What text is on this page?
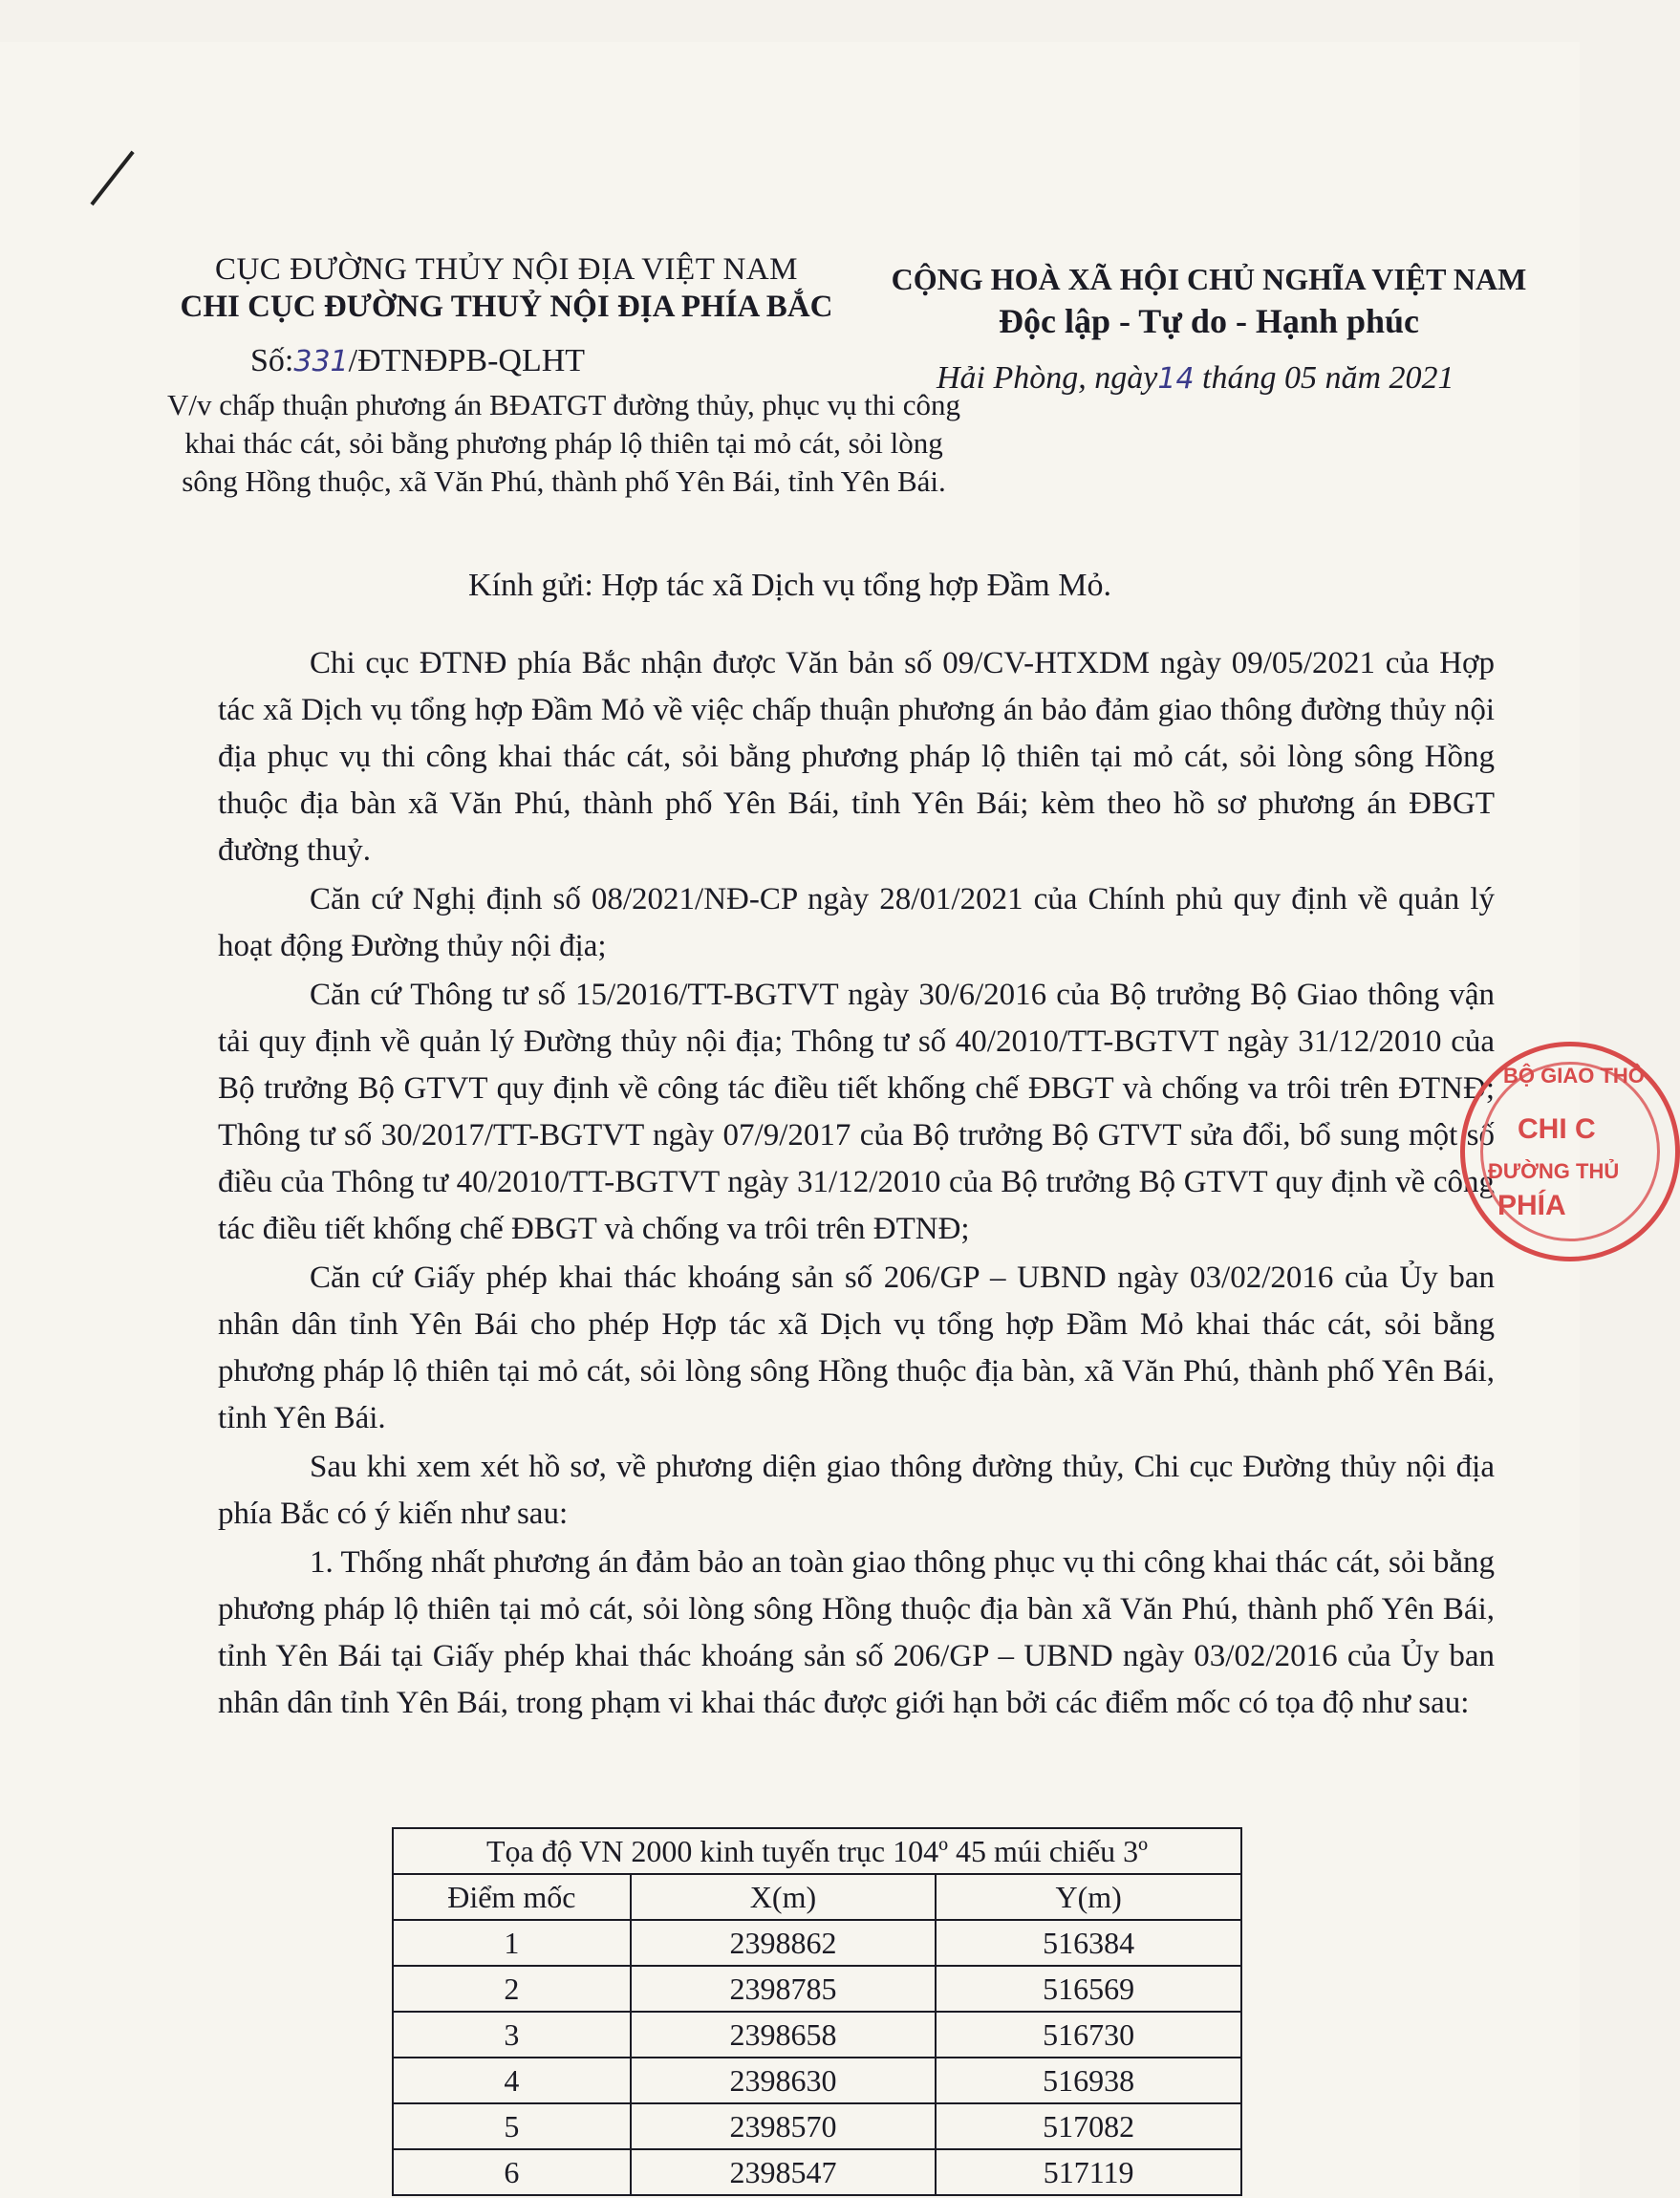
CỤC ĐƯỜNG THỦY NỘI ĐỊA VIỆT NAM
CHI CỤC ĐƯỜNG THUỶ NỘI ĐỊA PHÍA BẮC
CỘNG HOÀ XÃ HỘI CHỦ NGHĨA VIỆT NAM
Độc lập - Tự do - Hạnh phúc
Số:331/ĐTNĐPB-QLHT	Hải Phòng, ngày14 tháng 05 năm 2021
V/v chấp thuận phương án BĐATGT đường thủy, phục vụ thi công khai thác cát, sỏi bằng phương pháp lộ thiên tại mỏ cát, sỏi lòng sông Hồng thuộc, xã Văn Phú, thành phố Yên Bái, tỉnh Yên Bái.
Kính gửi: Hợp tác xã Dịch vụ tổng hợp Đầm Mỏ.

Chi cục ĐTNĐ phía Bắc nhận được Văn bản số 09/CV-HTXDM ngày 09/05/2021 của Hợp tác xã Dịch vụ tổng hợp Đầm Mỏ về việc chấp thuận phương án bảo đảm giao thông đường thủy nội địa phục vụ thi công khai thác cát, sỏi bằng phương pháp lộ thiên tại mỏ cát, sỏi lòng sông Hồng thuộc địa bàn xã Văn Phú, thành phố Yên Bái, tỉnh Yên Bái; kèm theo hồ sơ phương án ĐBGT đường thuỷ.

Căn cứ Nghị định số 08/2021/NĐ-CP ngày 28/01/2021 của Chính phủ quy định về quản lý hoạt động Đường thủy nội địa;

Căn cứ Thông tư số 15/2016/TT-BGTVT ngày 30/6/2016 của Bộ trưởng Bộ Giao thông vận tải quy định về quản lý Đường thủy nội địa; Thông tư số 40/2010/TT-BGTVT ngày 31/12/2010 của Bộ trưởng Bộ GTVT quy định về công tác điều tiết khống chế ĐBGT và chống va trôi trên ĐTNĐ; Thông tư số 30/2017/TT-BGTVT ngày 07/9/2017 của Bộ trưởng Bộ GTVT sửa đổi, bổ sung một số điều của Thông tư 40/2010/TT-BGTVT ngày 31/12/2010 của Bộ trưởng Bộ GTVT quy định về công tác điều tiết khống chế ĐBGT và chống va trôi trên ĐTNĐ;

Căn cứ Giấy phép khai thác khoáng sản số 206/GP – UBND ngày 03/02/2016 của Ủy ban nhân dân tỉnh Yên Bái cho phép Hợp tác xã Dịch vụ tổng hợp Đầm Mỏ khai thác cát, sỏi bằng phương pháp lộ thiên tại mỏ cát, sỏi lòng sông Hồng thuộc địa bàn, xã Văn Phú, thành phố Yên Bái, tỉnh Yên Bái.

Sau khi xem xét hồ sơ, về phương diện giao thông đường thủy, Chi cục Đường thủy nội địa phía Bắc có ý kiến như sau:

1. Thống nhất phương án đảm bảo an toàn giao thông phục vụ thi công khai thác cát, sỏi bằng phương pháp lộ thiên tại mỏ cát, sỏi lòng sông Hồng thuộc địa bàn xã Văn Phú, thành phố Yên Bái, tỉnh Yên Bái tại Giấy phép khai thác khoáng sản số 206/GP – UBND ngày 03/02/2016 của Ủy ban nhân dân tỉnh Yên Bái, trong phạm vi khai thác được giới hạn bởi các điểm mốc có tọa độ như sau:

Tọa độ VN 2000 kinh tuyến trục 104º 45 múi chiếu 3º		
Điểm mốc	X(m)	Y(m)
1	2398862	516384
2	2398785	516569
3	2398658	516730
4	2398630	516938
5	2398570	517082
6	2398547	517119
BỘ GIAO THÔ
CHI C
ĐƯỜNG THỦ
PHÍA
